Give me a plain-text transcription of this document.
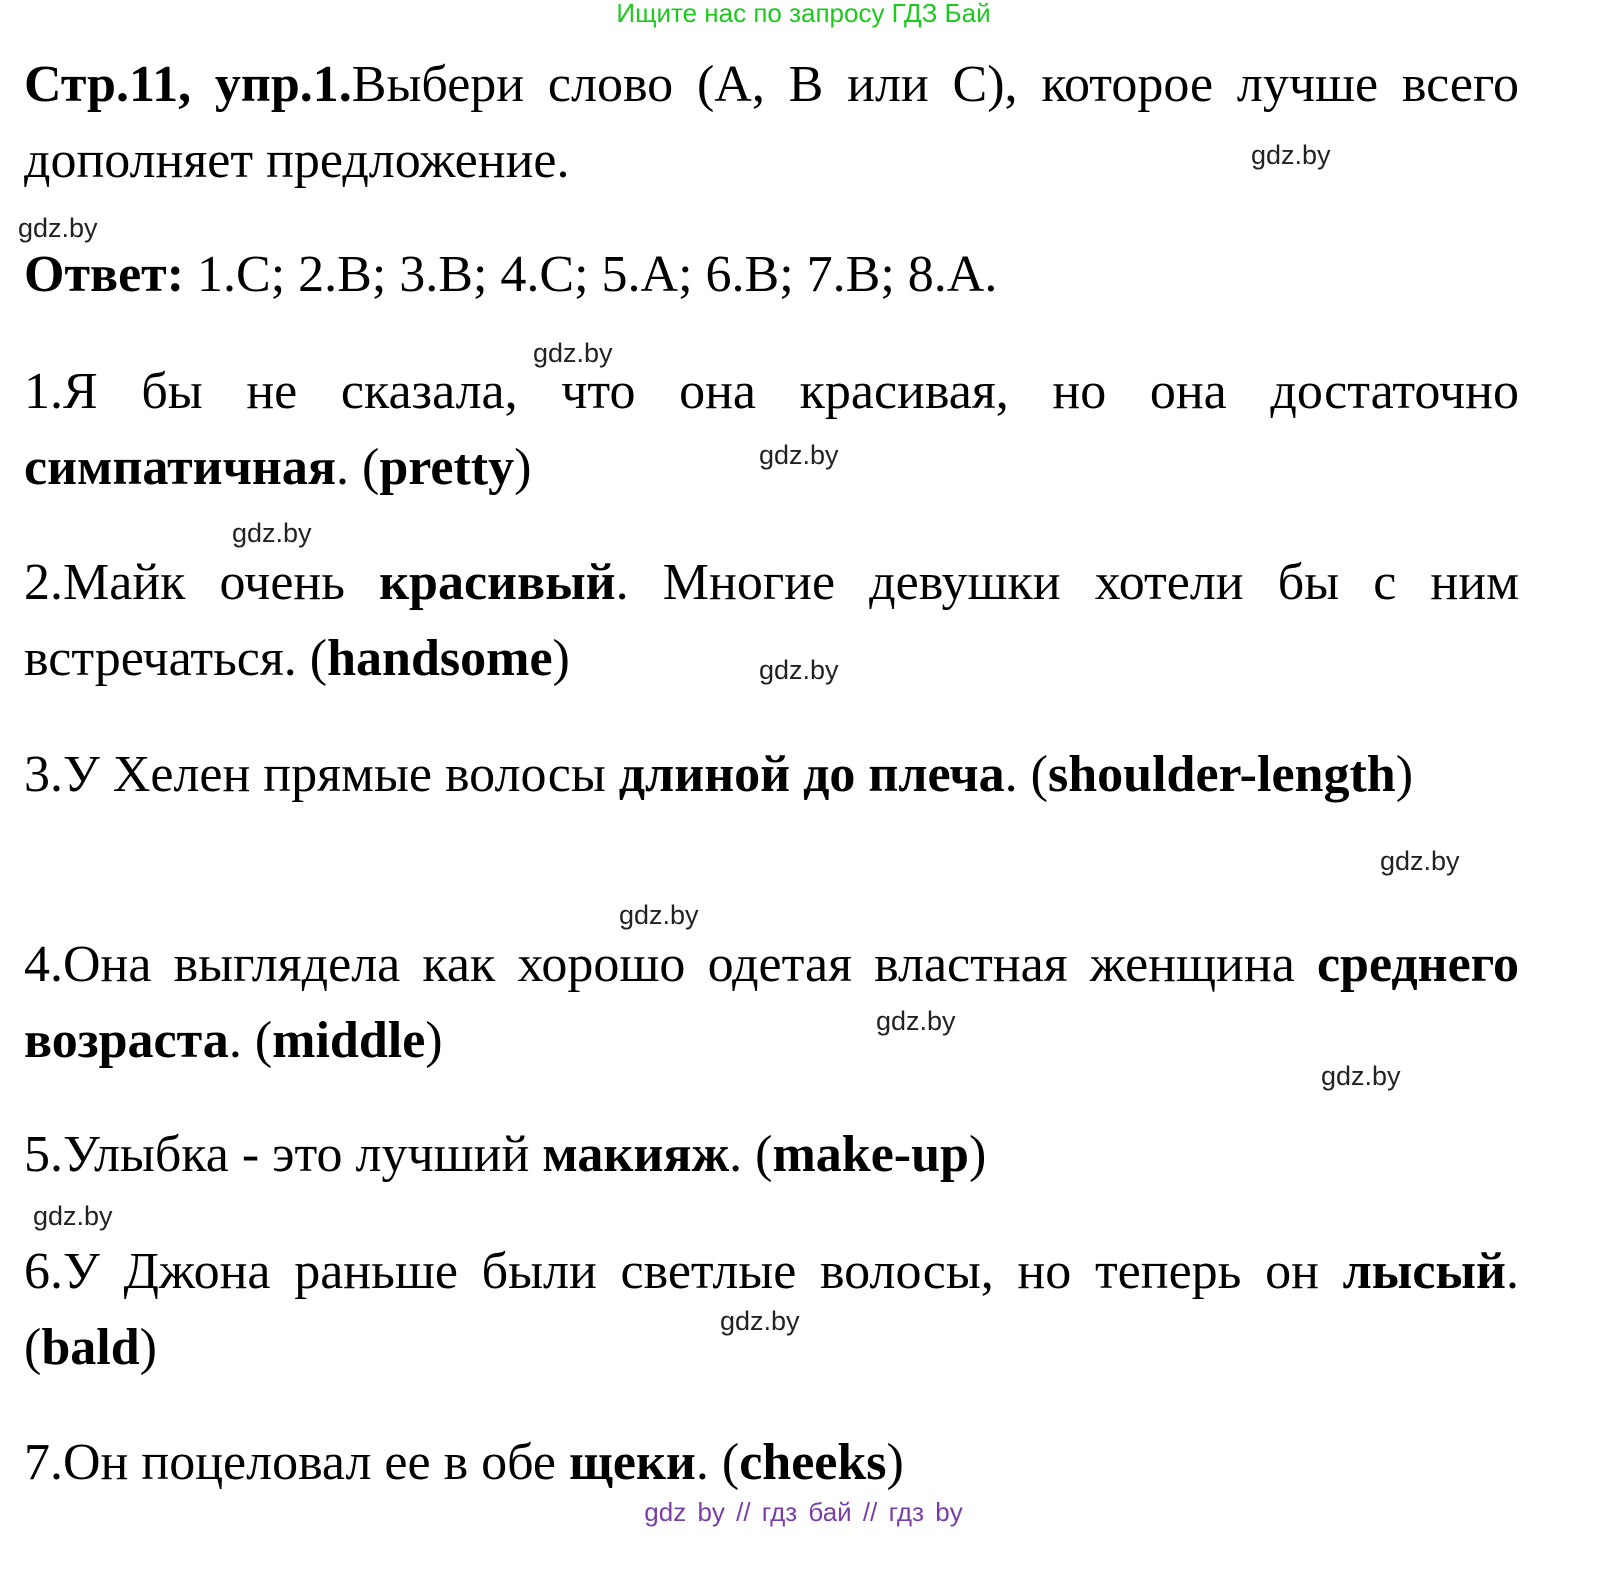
Ищите нас по запросу ГДЗ Бай
Стр.11, упр.1.Выбери слово (А, В или С), которое лучше всего дополняет предложение.
Ответ: 1.C; 2.B; 3.B; 4.C; 5.A; 6.B; 7.B; 8.A.
1.Я бы не сказала, что она красивая, но она достаточно симпатичная. (pretty)
2.Майк очень красивый. Многие девушки хотели бы с ним встречаться. (handsome)
3.У Хелен прямые волосы длиной до плеча. (shoulder-length)
4.Она выглядела как хорошо одетая властная женщина среднего возраста. (middle)
5.Улыбка - это лучший макияж. (make-up)
6.У Джона раньше были светлые волосы, но теперь он лысый. (bald)
7.Он поцеловал ее в обе щеки. (cheeks)
gdz.by
gdz.by
gdz.by
gdz.by
gdz.by
gdz.by
gdz.by
gdz.by
gdz.by
gdz.by
gdz.by
gdz.by
gdz by // гдз бай // гдз by
